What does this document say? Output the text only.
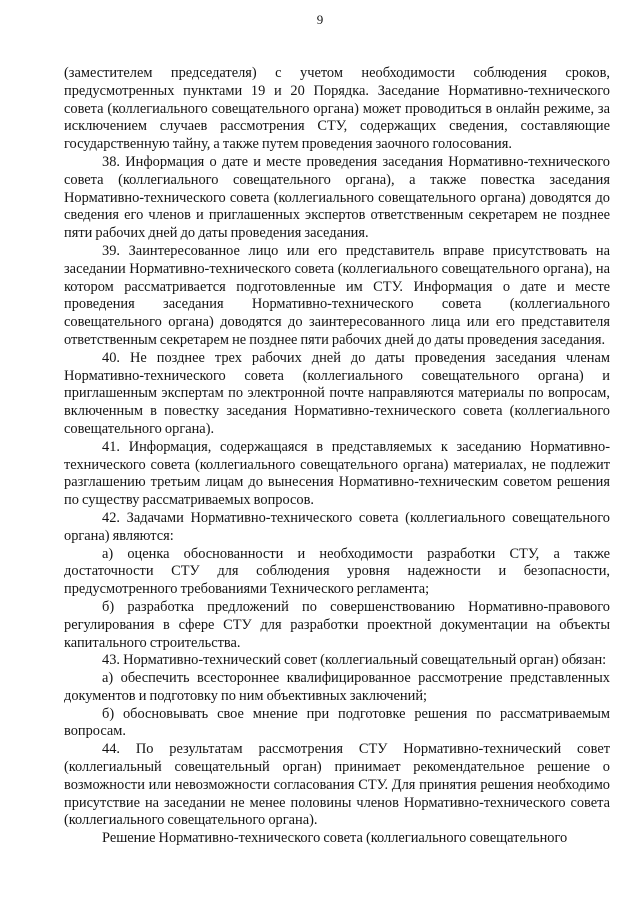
9

(заместителем председателя) с учетом необходимости соблюдения сроков, предусмотренных пунктами 19 и 20 Порядка. Заседание Нормативно-технического совета (коллегиального совещательного органа) может проводиться в онлайн режиме, за исключением случаев рассмотрения СТУ, содержащих сведения, составляющие государственную тайну, а также путем проведения заочного голосования.

38. Информация о дате и месте проведения заседания Нормативно-технического совета (коллегиального совещательного органа), а также повестка заседания Нормативно-технического совета (коллегиального совещательного органа) доводятся до сведения его членов и приглашенных экспертов ответственным секретарем не позднее пяти рабочих дней до даты проведения заседания.

39. Заинтересованное лицо или его представитель вправе присутствовать на заседании Нормативно-технического совета (коллегиального совещательного органа), на котором рассматривается подготовленные им СТУ. Информация о дате и месте проведения заседания Нормативно-технического совета (коллегиального совещательного органа) доводятся до заинтересованного лица или его представителя ответственным секретарем не позднее пяти рабочих дней до даты проведения заседания.

40. Не позднее трех рабочих дней до даты проведения заседания членам Нормативно-технического совета (коллегиального совещательного органа) и приглашенным экспертам по электронной почте направляются материалы по вопросам, включенным в повестку заседания Нормативно-технического совета (коллегиального совещательного органа).

41. Информация, содержащаяся в представляемых к заседанию Нормативно-технического совета (коллегиального совещательного органа) материалах, не подлежит разглашению третьим лицам до вынесения Нормативно-техническим советом решения по существу рассматриваемых вопросов.

42. Задачами Нормативно-технического совета (коллегиального совещательного органа) являются:

а) оценка обоснованности и необходимости разработки СТУ, а также достаточности СТУ для соблюдения уровня надежности и безопасности, предусмотренного требованиями Технического регламента;

б) разработка предложений по совершенствованию Нормативно-правового регулирования в сфере СТУ для разработки проектной документации на объекты капитального строительства.

43. Нормативно-технический совет (коллегиальный совещательный орган) обязан:

а) обеспечить всестороннее квалифицированное рассмотрение представленных документов и подготовку по ним объективных заключений;

б) обосновывать свое мнение при подготовке решения по рассматриваемым вопросам.

44. По результатам рассмотрения СТУ Нормативно-технический совет (коллегиальный совещательный орган) принимает рекомендательное решение о возможности или невозможности согласования СТУ. Для принятия решения необходимо присутствие на заседании не менее половины членов Нормативно-технического совета (коллегиального совещательного органа).

Решение Нормативно-технического совета (коллегиального совещательного
